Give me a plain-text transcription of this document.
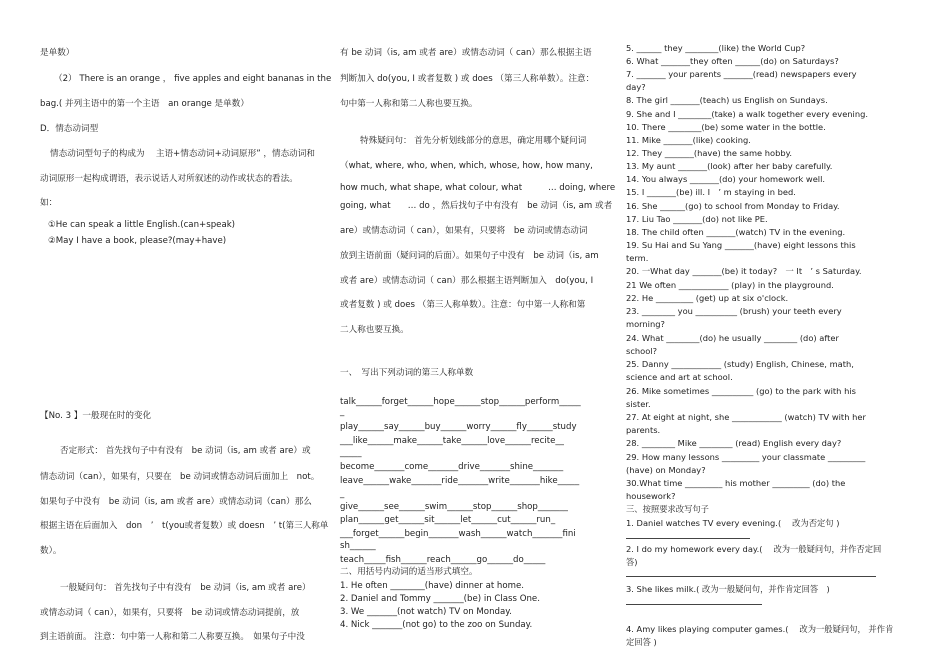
是单数）
（2） There is an orange ， five apples and eight bananas in the
bag.( 并列主语中的第一个主语　an orange 是单数）
D．情态动词型
情态动词型句子的构成为　 主语+情态动词+动词原形” ，情态动词和
动词原形一起构成谓语，表示说话人对所叙述的动作或状态的看法。
如：
①He can speak a little English.(can+speak)
②May I have a book, please?(may+have)
【No. 3 】一般现在时的变化
否定形式： 首先找句子中有没有　be 动词（is, am 或者 are）或
情态动词（can），如果有，只要在　be 动词或情态动词后面加上　not。
如果句子中没有　be 动词（is, am 或者 are）或情态动词（can）那么
根据主语在后面加入　don　’　t(you或者复数）或 doesn　’ t(第三人称单
数）。
一般疑问句： 首先找句子中有没有　be 动词（is, am 或者 are）
或情态动词（ can），如果有，只要将　be 动词或情态动词提前，放
到主语前面。 注意：句中第一人称和第二人称要互换。　如果句子中没
有 be 动词（is, am 或者 are）或情态动词（ can）那么根据主语
判断加入 do(you, I 或者复数 ) 或 does （第三人称单数）。注意：
句中第一人称和第二人称也要互换。
特殊疑问句： 首先分析划线部分的意思，确定用哪个疑问词
（what, where, who, when, which, whose, how, how many,
how much, what shape, what colour, what　　　… doing, where
going, what　　… do ，然后找句子中有没有　be 动词（is, am 或者
are）或情态动词（ can），如果有，只要将　be 动词或情态动词
放到主语前面（疑问词的后面）。如果句子中没有　be 动词（is, am
或者 are）或情态动词（ can）那么根据主语判断加入　do(you, I
或者复数 ) 或 does （第三人称单数）。注意：句中第一人称和第
二人称也要互换。
一、　写出下列动词的第三人称单数
talk______forget______hope______stop______perform_____
_
play______say______buy______worry______fly______study
___like______make______take______love______recite__
_____
become_______come_______drive_______shine_______
leave______wake_______ride_______write_______hike_____
_
give______see______swim______stop______shop_______
plan______get______sit______let______cut______run_
___forget______begin_______wash______watch_______fini
sh______
teach_____fish______reach______go______do_____
二、用括号内动词的适当形式填空。
1. He often ________(have) dinner at home.
2. Daniel and Tommy _______(be) in Class One.
3. We _______(not watch) TV on Monday.
4. Nick _______(not go) to the zoo on Sunday.
5. ______ they ________(like) the World Cup?
6. What _______they often ______(do) on Saturdays?
7. _______ your parents _______(read) newspapers every
day?
8. The girl _______(teach) us English on Sundays.
9. She and I ________(take) a walk together every evening.
10. There ________(be) some water in the bottle.
11. Mike _______(like) cooking.
12. They _______(have) the same hobby.
13. My aunt _______(look) after her baby carefully.
14. You always _______(do) your homework well.
15. I _______(be) ill. I　’ m staying in bed.
16. She ______(go) to school from Monday to Friday.
17. Liu Tao _______(do) not like PE.
18. The child often _______(watch) TV in the evening.
19. Su Hai and Su Yang _______(have) eight lessons this
term.
20. 一What day _______(be) it today?　一 It　’ s Saturday.
21 We often ____________ (play) in the playground.
22. He _________ (get) up at six o'clock.
23. ________ you __________ (brush) your teeth every
morning?
24. What ________(do) he usually ________ (do) after
school?
25. Danny ____________ (study) English, Chinese, math,
science and art at school.
26. Mike sometimes __________ (go) to the park with his
sister.
27. At eight at night, she ____________ (watch) TV with her
parents.
28. ________ Mike ________ (read) English every day?
29. How many lessons _________ your classmate _________
(have) on Monday?
30.What time _________ his mother _________ (do) the
housework?
三、按照要求改写句子
1. Daniel watches TV every evening.(　 改为否定句 )
2. I do my homework every day.(　 改为一般疑问句，并作否定回
答)
3. She likes milk.( 改为一般疑问句，并作肯定回答　)
4. Amy likes playing computer games.(　 改为一般疑问句， 并作肯
定回答 )
